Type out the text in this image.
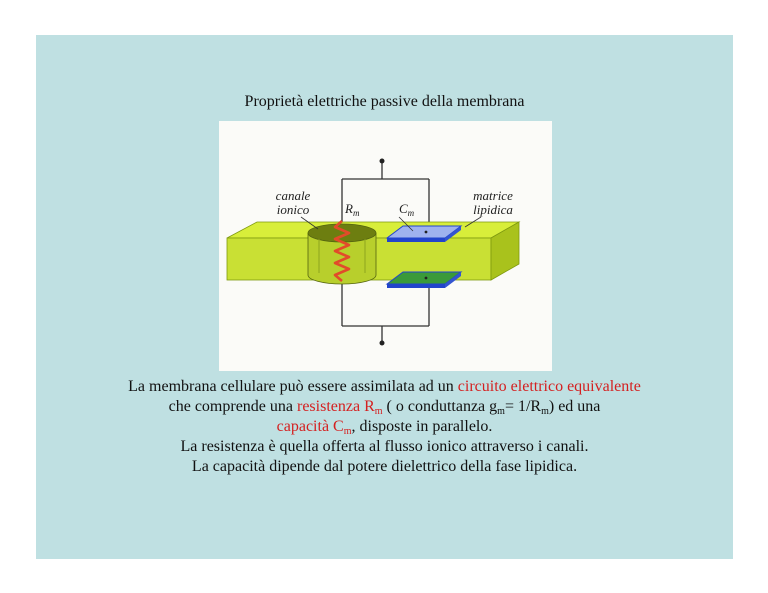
Proprietà elettriche passive della membrana
canale
ionico	$R_m$	$C_m$
matrice
lipidica
La membrana cellulare può essere assimilata ad un circuito elettrico equivalente
che comprende una resistenza $R_m$ ( o conduttanza $g_m= 1/R_m$) ed una
capacità $C_m$, disposte in parallelo.
La resistenza è quella offerta al flusso ionico attraverso i canali.
La capacità dipende dal potere dielettrico della fase lipidica.
